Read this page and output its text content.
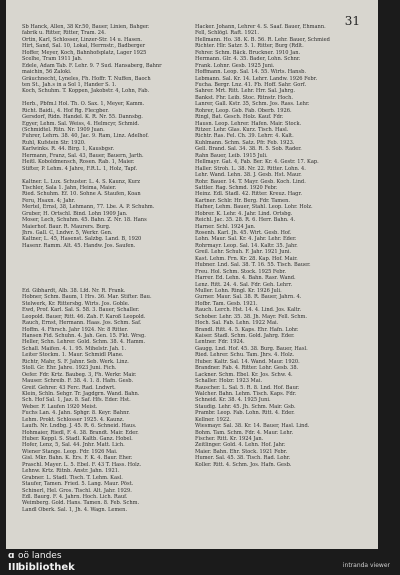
31
Sb Hanck, Allen, 38 Kr.50, Bauer, Linien, Bahger.
fabrik u. Ritter, Ritter, Tram. 24.
Ortin, Karl, Schlosser, Linzer-Str. 14 u. Hasen.
Hirt, Sand, Sal. 10, Lokal, Herrnstr., Badberger
Hoffer, Meyer, Koch, Bahnhofsplatz, Lager 1925
Scelhe, Tram 1911 Jah.
Edele, Adam Tab. F. Lehr. 9. 7 Sud. Hansaberg, Bahnr
maichin, 56 Zaloki.
Gräuchnecht, Lyneles, Fh. Hoffr. T. Nuffen, Baoch
ten St., Jah.s in a Sol 1, Hander S. 1.
Koch, Schuhm. T. Koppen, Jakobstr. 4, Lohn, Fab.
Herb., Pbfm.l Hol. Th. O. Sax. 1, Meyer, Kamm.
Richt. Baidi., 4. Hof Rg. Flecgber.
Gersdorf, Ridn. Handel. K. R. Nr. 55. Dannsbg.
Egyer, Lehm. Sal. Weiss, 4. Helmcyr, Schmid.
(Schmidtel. Ritn. Nr. 1909 Juan.
Fuhrer, Lehrn. 38. 40, Jac. 9. Ram, Linz. Adelhof.
Ruhl, Kufstein Str. 1920.
Karlwinks. R. 44. Birg. 1, Kausbgsr.
Hermann, Franz, Sal. 43, Bauer, Bauern, Jarth.
Heitl. Koboldmensch, Rosen. Rab. 1, Maier.
Stifter, P. Lehm. 4 Jahre, F.R.L. 1, Holz, Tapf.
Kaltner. L. Lux. Schuster. L. 4. S. Kaunz, Kurz
Tischler, Sala 1. Jahn, Heima, Maier.
Ried. Schuhm. Ef. 10. Sohne A. Staufen, Koan
Feru, Hsaxn. 4; Jahr.
Mertel, Ernsl, 38, Lehmann, 77. Lbe. A. P. Schuhm.
Gruber, H. Ortschl. Bind. Lohn 1909 Jan.
Moser, Lech, Schuhm. 45. Bahn. Z. Nr. 18. Hans
Maierhof. Baur. R. Maurers. Burg.
Jhrs. Gall. C, Lndwr. 5, Werkr. Gen.
Kaltner, L. 45, Hasenst. Salzbg. Land. B, 1920
Hasenr. Ramm. Alt. 45. Handw. Jos. Saufen.
Ed. Gibhardt, Alb. 38. Lfd. Nr. R. Frank.
Hobner, Schm. Baum, 1 Hrs. 36. Mar. Stifter. Bau.
Stelwerk, Kr. Rittersbg. Wirts. Jos. Goble.
Ewd, Prof. Karl. Sal. S. 58. 3. Bauer, Schaller.
Leopold. Bauer, Ritt. 46. Zah. F. Karoß Leopold.
Rauch, Ernst, Hermann. Haas. Jos. Schm. Saf.
Hoffm. 4. Fhrsch. Jahr 1924. Nr. 8 Ritter.
Hansen Fid. Schuhn. 4. Jah. Gen. 15. Fkt. Wrsg.
Heller, Schn. Lehrer. Gold. Schm. 38. 4. Hamm.
Schall. Maifen. 4. 1. 95. Mihelstr. Jah. 1.
Leiter Stockm. 1. Maur. Schmidl Plane.
Richtr, Mahr, S. F. Jahnr. Seb. Werk. Linz.
Stoll. Gr. Ehr. Jahre. 1923 Juni. Fich.
Oefer. Fdr. Krtz. Baubeg. 3, Fh. Werkr. Mair.
Mauser. Schreib. F. 38. 4. 1. 8. Hafn. Gesb.
Greif. Gehrer. 43 Ferc. Rad. Lndwrt.
Klein, Schln. Sehgr. Tr. Jagdgrn. Wand. Bahn.
Sch. Hof Sal. 1, Jaz. 8. Saf. Hfs. Eder. Hst.
Weber. F. Laufen 1920 Meist.
Fuchs Lan. 4. Jahn. Sphgr. 8. Keyr. Bahnr.
Lehm. Prokt. Schlosser 1925. 4. Kaunz.
Laufh. Nr. Lndbg. J. 45. R. 6. Schneid. Haus.
Hohmaier, Riedl, F. 4. 38. Brandt. Mair. Eder.
Huber. Keppl. S. Stadl. Kaltb. Ganz. Hobel.
Hofer, Lenz, 5, Sal. 44. Jnhr. Matt. Lich.
Wiener Stange. Leop. Fdr. 1926 Mai.
Gisl. Mkr. Bahn. K. Ers. F. K. 4. Baur. Eher.
Praschl. Mayer. L. 5. Ebel. F. 43 T. Hass. Holz.
Lehnw. Krtz. Ritnb. Anstr. Jahn. 1921.
Grabner. L. Stadl. Tisch. T. Lehm. Kasl.
Staufer, Tamen. Fried. 5. Lang. Maur. Pöst.
Schinerl, Hel. Gros. Tischl. Alt. Jahr. 1929.
Edl. Baurg. F. 4. Jahrn. Hoch. Lich. Rauf.
Weimberg. Gold. Hans. Tamen. 8. Feb. Schm.
Landl Oberk. Sal. 1, Jh. 4. Wagn. Lemen.
Hacker. Johann, Lehrer 4. S. Saaf. Bauer, Ehmann.
Fell, Schlögl. Raft. 1921.
Hellmann. Ho. 38. K. B. 56. R. Lehr. Bauer, Schmied
Richter. Hlr. Satzr. 5. 1. Ritter, Burg (Rdlt.
Fehrer. Schm. Bäck. Bruckner. 1910 Jan.
Hermann. Glr. 4. 35. Bader, Lohn. Schnr.
Frank. Lohnr. Gesb. 1925 Juni.
Hoffmann. Leop. Sal. 14. 55. Wirts. Hansb.
Lebmann. Sal. Kr. 14. Lehrr. Landw. 1926 Febr.
Fucha. Bergr. Lnz. 41. Fb. Hoff. Sahr. Gorf.
Sahrer. Mrt. Ritt. Lehr. Hrr. Sal. Jahrg.
Bankst. Fhr. Leib. Stoc. Ritnstr. Hoch.
Lanrer, Gall. Kstr. 35, Schm. Jos. Rass. Lehr.
Rohrer, Leop. Gsb. Fab. Oberb. 1926.
Ringl, Bat. Gesch. Holz. Kauf. Fdr.
Hausn. Leop. Lehrer. Hafen. Mair. Stock.
Ritzer. Lehr. Glas. Kurz. Tisch. Hasl.
Richtr. Ras. Fel. Ch. 39. Lehrr. 4. Kalt.
Kuhlmann. Schm. Satz. Pfr. Feb. 1923.
Gell. Brand. Sal. 34. 38. R. 5. Sob. Rader.
Rahn Bauer, Leib. 1915 Juli.
Hellmayr. Gat. 4, Fab. Ber. Kr. 4. Gestr. 17. Kap.
Haller. Stroh. L. 38. Nr. 22. Ritter. Lohn. 4.
Lehr. Wand. Lehn. 38. J. Gesb. Hst. Maur.
Rohr. Bauer. 14. T. Mayr. Gesb. Koch. Lind.
Sattler. Rag. Schmd. 1920 Febr.
Heinz. Edl. Stadl. 42. Ritter. Kreuz. Hagr.
Kartner. Schlr. Hr. Berg. Fdr. Tamen.
Hafner, Lehm. Bauer, Stahl. Leop. Lohr. Holz.
Hobrer. K. Lehr. 4. Jahr. Lind. Ortsbg.
Reichl. Jac. 35. 28. R. 6. Herr. Bahn. 4.
Harner. Schl. 1924 Jan.
Rosenh. Karl. Jh. 45. Wirt. Gesb. Hof.
Lohn. Maur. Sal. Kr. 4. Jahr. Lehr. Eder.
Rohrmayr. Leop. Sal. 14. Kaltr. 35. Jahr.
Greil. Lehr. Schuh. F. Jahr. 1921 Juni.
Kast. Lehm. Frn. Kr. 28. Kap. Hof. Mair.
Hubner. Lnd. Sal. 38. T. 16. 55. Tisch. Bauer.
Freu. Hol. Schm. Stock. 1925 Febr.
Harrer. Ed. Lehn. 4. Bahn. Rasr. Wand.
Lenz. Ritt. 24. 4. Sal. Fdr. Geh. Lehrr.
Muller. Lohn. Ringl. Kr. 1926 Juli.
Gurner. Maur. Sal. 38. R. Bauer, Jahrn. 4.
Hofbr. Tam. Gesb. 1921.
Rauch. Lerch. Hst. 14. 4. Lind. Jos. Kaltr.
Schober. Lehr. 35. 38. Jh. Mayr. Fell. Schm.
Hoch. Sal. Fab. Lehn. 1922 Mai.
Brandl. Ritt. 4. 5. Kaps. Ehr. Hafn. Lohr.
Kaiser. Stadl. Schm. Gold. Jahrg. Eder.
Lentner. Fdr. 1924.
Gaugg. Lnd. Hof. 45. 38. Burg. Bauer, Hasl.
Ried. Lehrer. Schu. Tam. Jhrs. 4. Holz.
Huber. Kaltr. Sal. 14. Wand. Maur. 1920.
Brandner. Fab. 4. Ritter. Lohr. Gesb. 38.
Lackner. Schm. Ebel. Kr. Jos. Schw. 4.
Schaller. Holzr. 1923 Mai.
Rauscher. L. Sal. 5. R. 8. Lnd. Hof. Baur.
Walcher. Bahn. Lehm. Tisch. Kaps. Fdr.
Schneid. Kr. 38. 4. 1925 Juni.
Staudig. Lehr. 45. Jh. Schm. Mair. Gsb.
Prambr. Leop. Fab. Lohn. Ritt. 4. Eder.
Kellner. 1922.
Wiesmayr. Sal. 38. Kr. 14. Bauer, Hasl. Lind.
Bohm. Tam. Schm. Fdr. 4. Maur. Lehr.
Fischer. Ritt. Kr. 1924 Jan.
Zeitlinger. Gold. 4. Lehn. Hof. Jahr.
Maier. Bahn. Ehr. Stock. 1921 Febr.
Humer. Sal. 45. 38. Tisch. Rad. Lohr.
Koller. Ritt. 4. Schm. Jos. Hafn. Gesb.
ɑ oö landes
IIIbibliothek	intranda viewer
